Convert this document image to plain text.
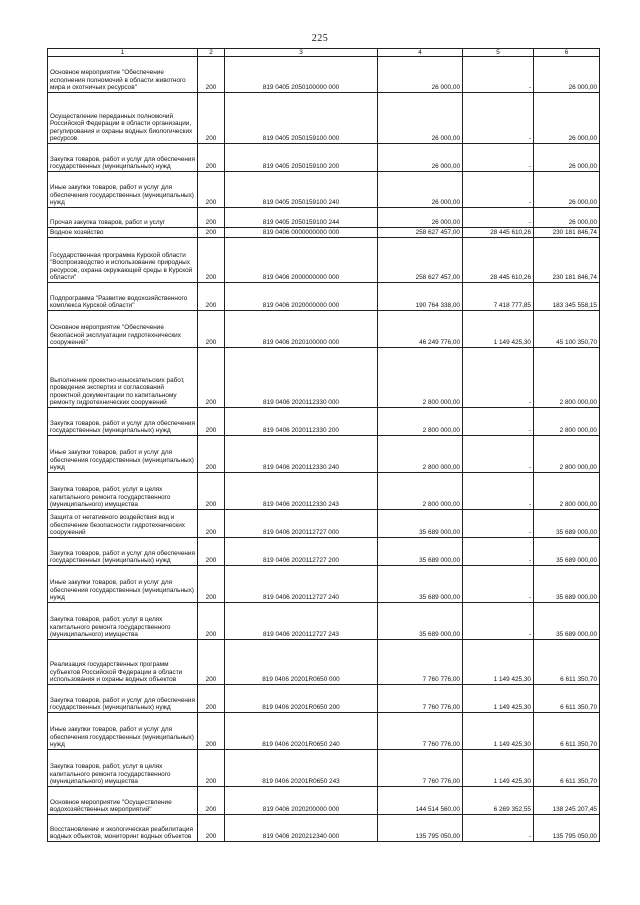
225
1	2	3	4	5	6
Основное мероприятие "Обеспечение исполнения полномочий в области животного мира и охотничьих ресурсов"	200	819 0405 2050100000 000	26 000,00	-	26 000,00
Осуществление переданных полномочий Российской Федерации в области организации, регулирования и охраны водных биологических ресурсов	200	819 0405 2050159100 000	26 000,00	-	26 000,00
Закупка товаров, работ и услуг для обеспечения государственных (муниципальных) нужд	200	819 0405 2050159100 200	26 000,00	-	26 000,00
Иные закупки товаров, работ и услуг для обеспечения государственных (муниципальных) нужд	200	819 0405 2050159100 240	26 000,00	-	26 000,00
Прочая закупка товаров, работ и услуг	200	819 0405 2050159100 244	26 000,00	-	26 000,00
Водное хозяйство	200	819 0406 0000000000 000	258 627 457,00	28 445 610,26	230 181 846,74
Государственная программа Курской области "Воспроизводство и использование природных ресурсов, охрана окружающей среды в Курской области"	200	819 0406 2000000000 000	258 627 457,00	28 445 610,26	230 181 846,74
Подпрограмма "Развитие водохозяйственного комплекса Курской области"	200	819 0406 2020000000 000	190 764 338,00	7 418 777,85	183 345 558,15
Основное мероприятие "Обеспечение безопасной эксплуатации гидротехнических сооружений"	200	819 0406 2020100000 000	46 249 776,00	1 149 425,30	45 100 350,70
Выполнение проектно-изыскательских работ, проведение экспертиз и согласований проектной документации по капитальному ремонту гидротехнических сооружений	200	819 0406 2020112330 000	2 800 000,00	-	2 800 000,00
Закупка товаров, работ и услуг для обеспечения государственных (муниципальных) нужд	200	819 0406 2020112330 200	2 800 000,00	-	2 800 000,00
Иные закупки товаров, работ и услуг для обеспечения государственных (муниципальных) нужд	200	819 0406 2020112330 240	2 800 000,00	-	2 800 000,00
Закупка товаров, работ, услуг в целях капитального ремонта государственного (муниципального) имущества	200	819 0406 2020112330 243	2 800 000,00	-	2 800 000,00
Защита от негативного воздействия вод и обеспечение безопасности гидротехнических сооружений	200	819 0406 2020112727 000	35 689 000,00	-	35 689 000,00
Закупка товаров, работ и услуг для обеспечения государственных (муниципальных) нужд	200	819 0406 2020112727 200	35 689 000,00	-	35 689 000,00
Иные закупки товаров, работ и услуг для обеспечения государственных (муниципальных) нужд	200	819 0406 2020112727 240	35 689 000,00	-	35 689 000,00
Закупка товаров, работ, услуг в целях капитального ремонта государственного (муниципального) имущества	200	819 0406 2020112727 243	35 689 000,00	-	35 689 000,00
Реализация государственных программ субъектов Российской Федерации в области использования и охраны водных объектов	200	819 0406 20201R0650 000	7 760 776,00	1 149 425,30	6 611 350,70
Закупка товаров, работ и услуг для обеспечения государственных (муниципальных) нужд	200	819 0406 20201R0650 200	7 760 776,00	1 149 425,30	6 611 350,70
Иные закупки товаров, работ и услуг для обеспечения государственных (муниципальных) нужд	200	819 0406 20201R0650 240	7 760 776,00	1 149 425,30	6 611 350,70
Закупка товаров, работ, услуг в целях капитального ремонта государственного (муниципального) имущества	200	819 0406 20201R0650 243	7 760 776,00	1 149 425,30	6 611 350,70
Основное мероприятие "Осуществление водохозяйственных мероприятий"	200	819 0406 2020200000 000	144 514 560,00	6 269 352,55	138 245 207,45
Восстановление и экологическая реабилитация водных объектов, мониторинг водных объектов	200	819 0406 2020212340 000	135 795 050,00	-	135 795 050,00
